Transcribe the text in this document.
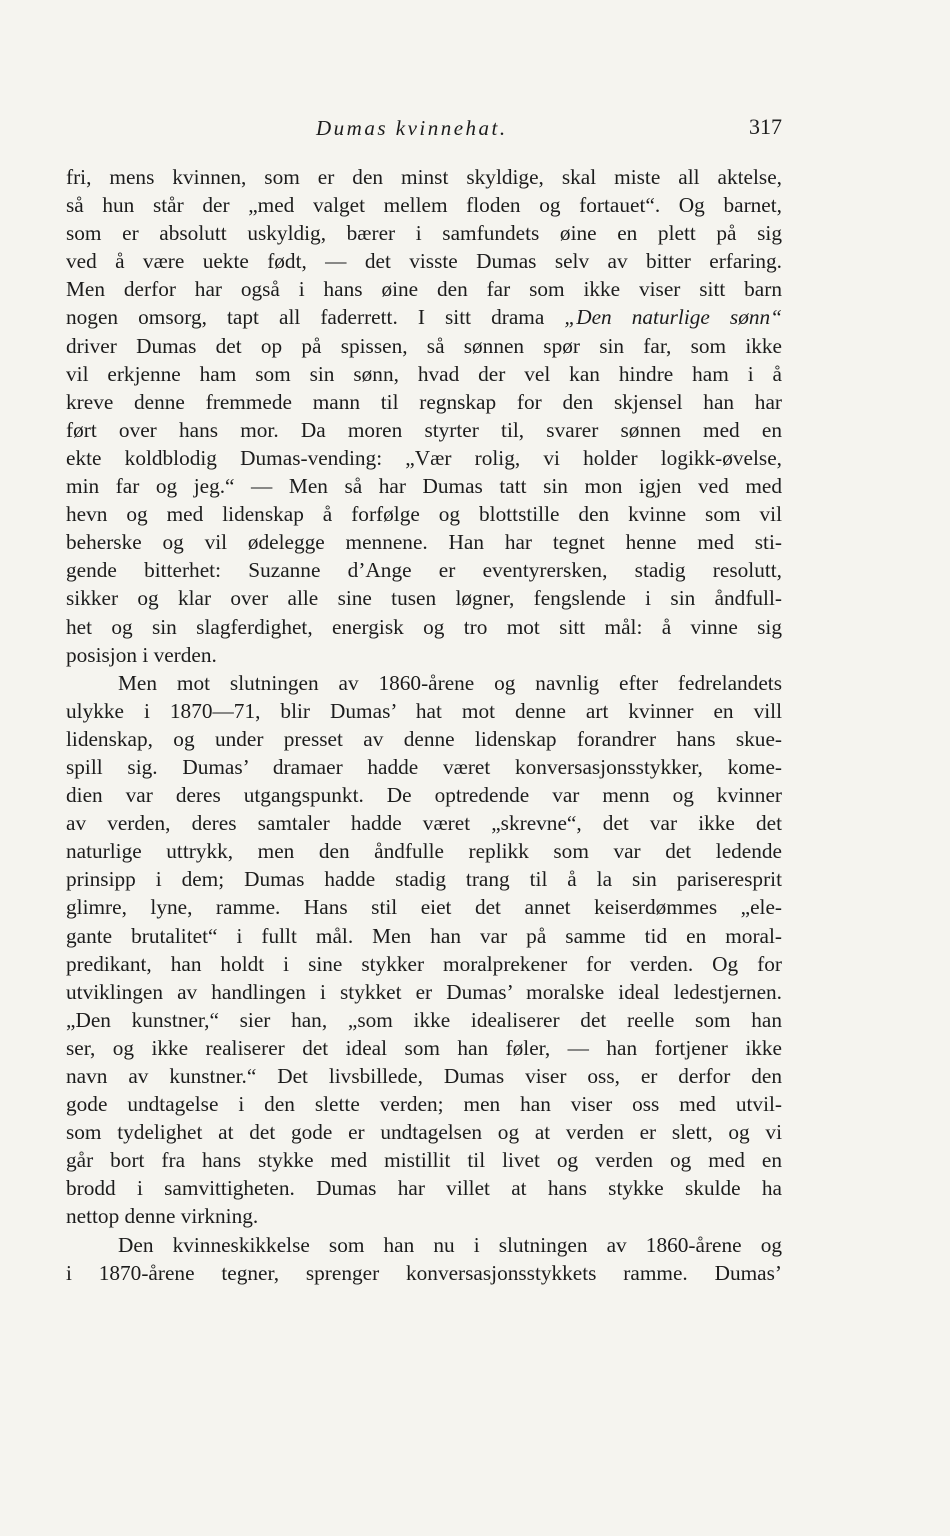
Dumas kvinnehat.	317
fri, mens kvinnen, som er den minst skyldige, skal miste all aktelse,
så hun står der „med valget mellem floden og fortauet“. Og barnet,
som er absolutt uskyldig, bærer i samfundets øine en plett på sig
ved å være uekte født, — det visste Dumas selv av bitter erfaring.
Men derfor har også i hans øine den far som ikke viser sitt barn
nogen omsorg, tapt all faderrett. I sitt drama „Den naturlige sønn“
driver Dumas det op på spissen, så sønnen spør sin far, som ikke
vil erkjenne ham som sin sønn, hvad der vel kan hindre ham i å
kreve denne fremmede mann til regnskap for den skjensel han har
ført over hans mor. Da moren styrter til, svarer sønnen med en
ekte koldblodig Dumas-vending: „Vær rolig, vi holder logikk-øvelse,
min far og jeg.“ — Men så har Dumas tatt sin mon igjen ved med
hevn og med lidenskap å forfølge og blottstille den kvinne som vil
beherske og vil ødelegge mennene. Han har tegnet henne med sti-
gende bitterhet: Suzanne d’Ange er eventyrersken, stadig resolutt,
sikker og klar over alle sine tusen løgner, fengslende i sin åndfull-
het og sin slagferdighet, energisk og tro mot sitt mål: å vinne sig
posisjon i verden.
Men mot slutningen av 1860-årene og navnlig efter fedrelandets
ulykke i 1870—71, blir Dumas’ hat mot denne art kvinner en vill
lidenskap, og under presset av denne lidenskap forandrer hans skue-
spill sig. Dumas’ dramaer hadde været konversasjonsstykker, kome-
dien var deres utgangspunkt. De optredende var menn og kvinner
av verden, deres samtaler hadde været „skrevne“, det var ikke det
naturlige uttrykk, men den åndfulle replikk som var det ledende
prinsipp i dem; Dumas hadde stadig trang til å la sin pariseresprit
glimre, lyne, ramme. Hans stil eiet det annet keiserdømmes „ele-
gante brutalitet“ i fullt mål. Men han var på samme tid en moral-
predikant, han holdt i sine stykker moralprekener for verden. Og for
utviklingen av handlingen i stykket er Dumas’ moralske ideal ledestjernen.
„Den kunstner,“ sier han, „som ikke idealiserer det reelle som han
ser, og ikke realiserer det ideal som han føler, — han fortjener ikke
navn av kunstner.“ Det livsbillede, Dumas viser oss, er derfor den
gode undtagelse i den slette verden; men han viser oss med utvil-
som tydelighet at det gode er undtagelsen og at verden er slett, og vi
går bort fra hans stykke med mistillit til livet og verden og med en
brodd i samvittigheten. Dumas har villet at hans stykke skulde ha
nettop denne virkning.
Den kvinneskikkelse som han nu i slutningen av 1860-årene og
i 1870-årene tegner, sprenger konversasjonsstykkets ramme. Dumas’
